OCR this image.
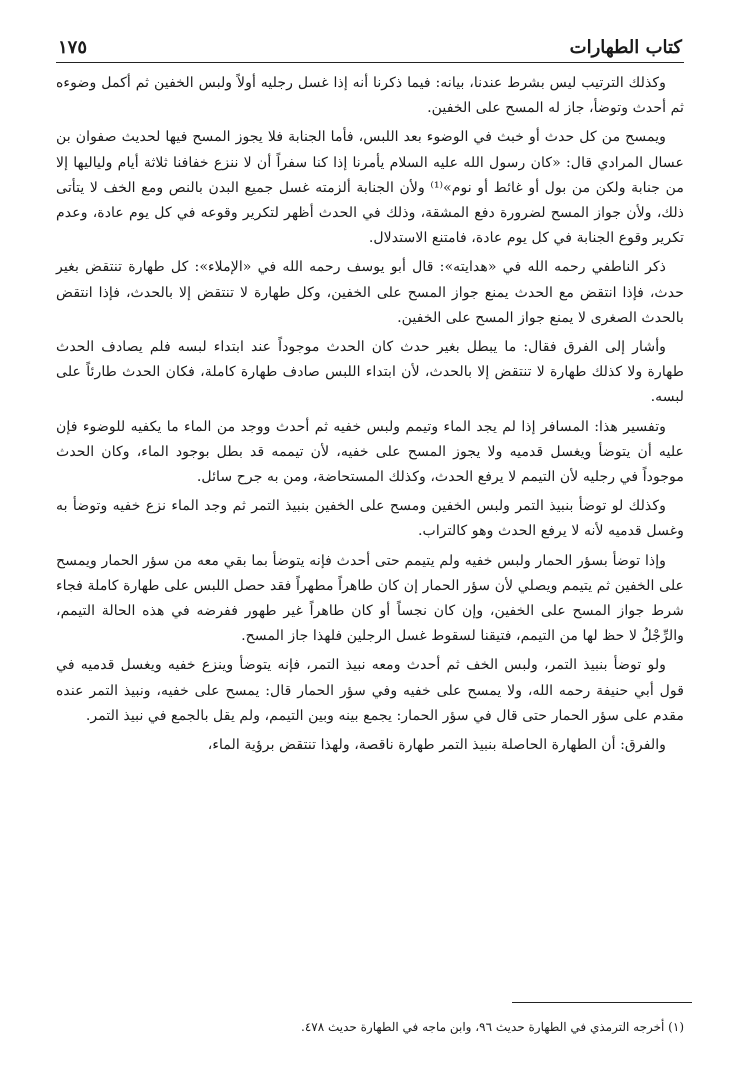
كتاب الطهارات
١٧٥

وكذلك الترتيب ليس بشرط عندنا، بيانه: فيما ذكرنا أنه إذا غسل رجليه أولاً ولبس الخفين ثم أكمل وضوءه ثم أحدث وتوضأ، جاز له المسح على الخفين.

ويمسح من كل حدث أو خبث في الوضوء بعد اللبس، فأما الجنابة فلا يجوز المسح فيها لحديث صفوان بن عسال المرادي قال: «كان رسول الله عليه السلام يأمرنا إذا كنا سفراً أن لا ننزع خفافنا ثلاثة أيام ولياليها إلا من جنابة ولكن من بول أو غائط أو نوم»⁽¹⁾ ولأن الجنابة ألزمته غسل جميع البدن بالنص ومع الخف لا يتأتى ذلك، ولأن جواز المسح لضرورة دفع المشقة، وذلك في الحدث أظهر لتكرير وقوعه في كل يوم عادة، وعدم تكرير وقوع الجنابة في كل يوم عادة، فامتنع الاستدلال.

ذكر الناطفي رحمه الله في «هدايته»: قال أبو يوسف رحمه الله في «الإملاء»: كل طهارة تنتقض بغير حدث، فإذا انتقض مع الحدث يمنع جواز المسح على الخفين، وكل طهارة لا تنتقض إلا بالحدث، فإذا انتقض بالحدث الصغرى لا يمنع جواز المسح على الخفين.

وأشار إلى الفرق فقال: ما يبطل بغير حدث كان الحدث موجوداً عند ابتداء لبسه فلم يصادف الحدث طهارة ولا كذلك طهارة لا تنتقض إلا بالحدث، لأن ابتداء اللبس صادف طهارة كاملة، فكان الحدث طارئاً على لبسه.

وتفسير هذا: المسافر إذا لم يجد الماء وتيمم ولبس خفيه ثم أحدث ووجد من الماء ما يكفيه للوضوء فإن عليه أن يتوضأ ويغسل قدميه ولا يجوز المسح على خفيه، لأن تيممه قد بطل بوجود الماء، وكان الحدث موجوداً في رجليه لأن التيمم لا يرفع الحدث، وكذلك المستحاضة، ومن به جرح سائل.

وكذلك لو توضأ بنبيذ التمر ولبس الخفين ومسح على الخفين بنبيذ التمر ثم وجد الماء نزع خفيه وتوضأ به وغسل قدميه لأنه لا يرفع الحدث وهو كالتراب.

وإذا توضأ بسؤر الحمار ولبس خفيه ولم يتيمم حتى أحدث فإنه يتوضأ بما بقي معه من سؤر الحمار ويمسح على الخفين ثم يتيمم ويصلي لأن سؤر الحمار إن كان طاهراً مطهراً فقد حصل اللبس على طهارة كاملة فجاء شرط جواز المسح على الخفين، وإن كان نجساً أو كان طاهراً غير طهور ففرضه في هذه الحالة التيمم، والرِّجْلُ لا حظ لها من التيمم، فتيقنا لسقوط غسل الرجلين فلهذا جاز المسح.

ولو توضأ بنبيذ التمر، ولبس الخف ثم أحدث ومعه نبيذ التمر، فإنه يتوضأ وينزع خفيه ويغسل قدميه في قول أبي حنيفة رحمه الله، ولا يمسح على خفيه وفي سؤر الحمار قال: يمسح على خفيه، ونبيذ التمر عنده مقدم على سؤر الحمار حتى قال في سؤر الحمار: يجمع بينه وبين التيمم، ولم يقل بالجمع في نبيذ التمر.

والفرق: أن الطهارة الحاصلة بنبيذ التمر طهارة ناقصة، ولهذا تنتقض برؤية الماء،

(١) أخرجه الترمذي في الطهارة حديث ٩٦، وابن ماجه في الطهارة حديث ٤٧٨.
